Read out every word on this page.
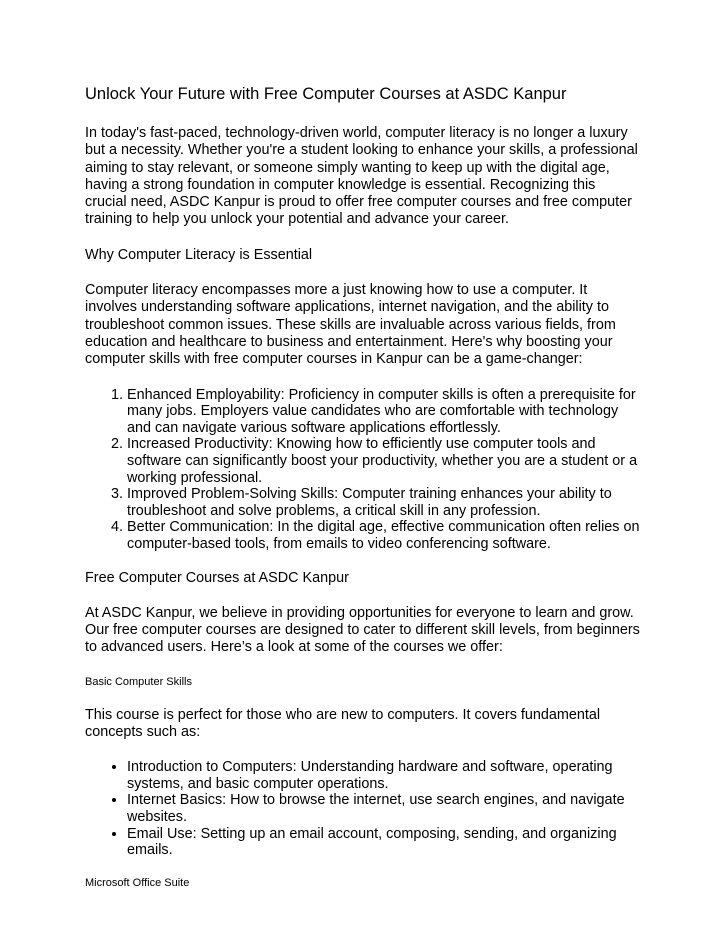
Unlock Your Future with Free Computer Courses at ASDC Kanpur

In today's fast-paced, technology-driven world, computer literacy is no longer a luxury but a necessity. Whether you're a student looking to enhance your skills, a professional aiming to stay relevant, or someone simply wanting to keep up with the digital age, having a strong foundation in computer knowledge is essential. Recognizing this crucial need, ASDC Kanpur is proud to offer free computer courses and free computer training to help you unlock your potential and advance your career.

Why Computer Literacy is Essential

Computer literacy encompasses more a just knowing how to use a computer. It involves understanding software applications, internet navigation, and the ability to troubleshoot common issues. These skills are invaluable across various fields, from education and healthcare to business and entertainment. Here's why boosting your computer skills with free computer courses in Kanpur can be a game-changer:

1. Enhanced Employability: Proficiency in computer skills is often a prerequisite for many jobs. Employers value candidates who are comfortable with technology and can navigate various software applications effortlessly.
2. Increased Productivity: Knowing how to efficiently use computer tools and software can significantly boost your productivity, whether you are a student or a working professional.
3. Improved Problem-Solving Skills: Computer training enhances your ability to troubleshoot and solve problems, a critical skill in any profession.
4. Better Communication: In the digital age, effective communication often relies on computer-based tools, from emails to video conferencing software.
Free Computer Courses at ASDC Kanpur

At ASDC Kanpur, we believe in providing opportunities for everyone to learn and grow. Our free computer courses are designed to cater to different skill levels, from beginners to advanced users. Here’s a look at some of the courses we offer:

Basic Computer Skills

This course is perfect for those who are new to computers. It covers fundamental concepts such as:

• Introduction to Computers: Understanding hardware and software, operating systems, and basic computer operations.
• Internet Basics: How to browse the internet, use search engines, and navigate websites.
• Email Use: Setting up an email account, composing, sending, and organizing emails.
Microsoft Office Suite
